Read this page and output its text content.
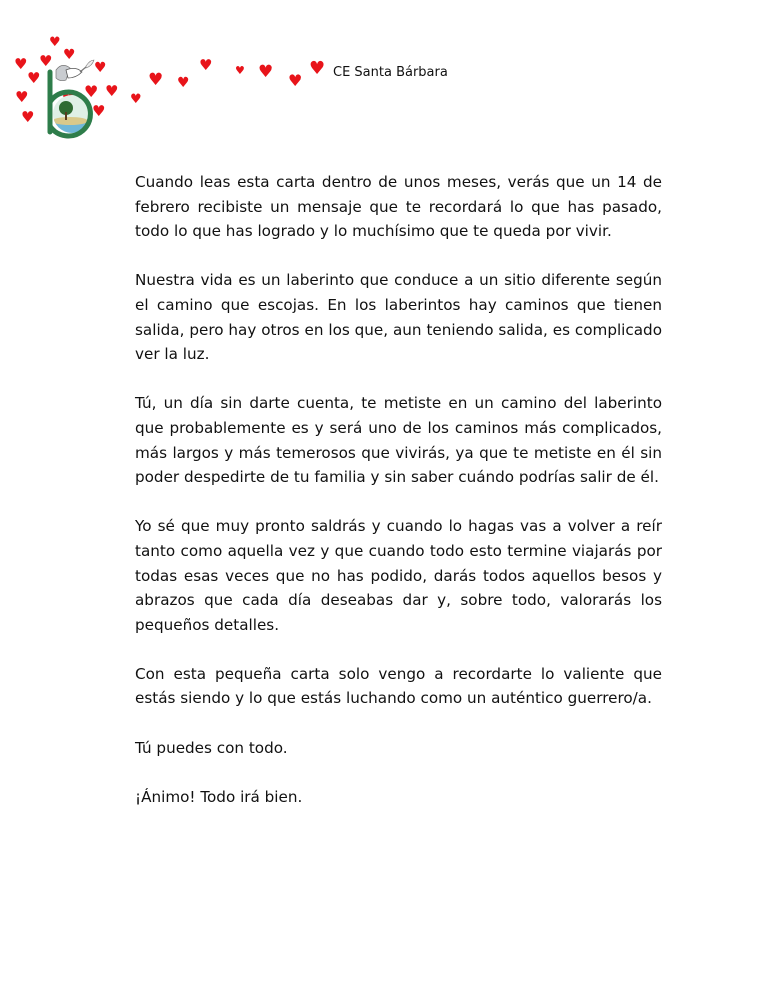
♥
♥
♥
♥
♥
♥
♥ ♥
♥
♥
♥
♥
♥
♥
♥ ♥ ♥ ♥
♥ CE Santa Bárbara

Cuando leas esta carta dentro de unos meses, verás que un 14 de febrero recibiste un mensaje que te recordará lo que has pasado, todo lo que has logrado y lo muchísimo que te queda por vivir.

Nuestra vida es un laberinto que conduce a un sitio diferente según el camino que escojas. En los laberintos hay caminos que tienen salida, pero hay otros en los que, aun teniendo salida, es complicado ver la luz.

Tú, un día sin darte cuenta, te metiste en un camino del laberinto que probablemente es y será uno de los caminos más complicados, más largos y más temerosos que vivirás, ya que te metiste en él sin poder despedirte de tu familia y sin saber cuándo podrías salir de él.

Yo sé que muy pronto saldrás y cuando lo hagas vas a volver a reír tanto como aquella vez y que cuando todo esto termine viajarás por todas esas veces que no has podido, darás todos aquellos besos y abrazos que cada día deseabas dar y, sobre todo, valorarás los pequeños detalles.

Con esta pequeña carta solo vengo a recordarte lo valiente que estás siendo y lo que estás luchando como un auténtico guerrero/a.

Tú puedes con todo.

¡Ánimo! Todo irá bien.
